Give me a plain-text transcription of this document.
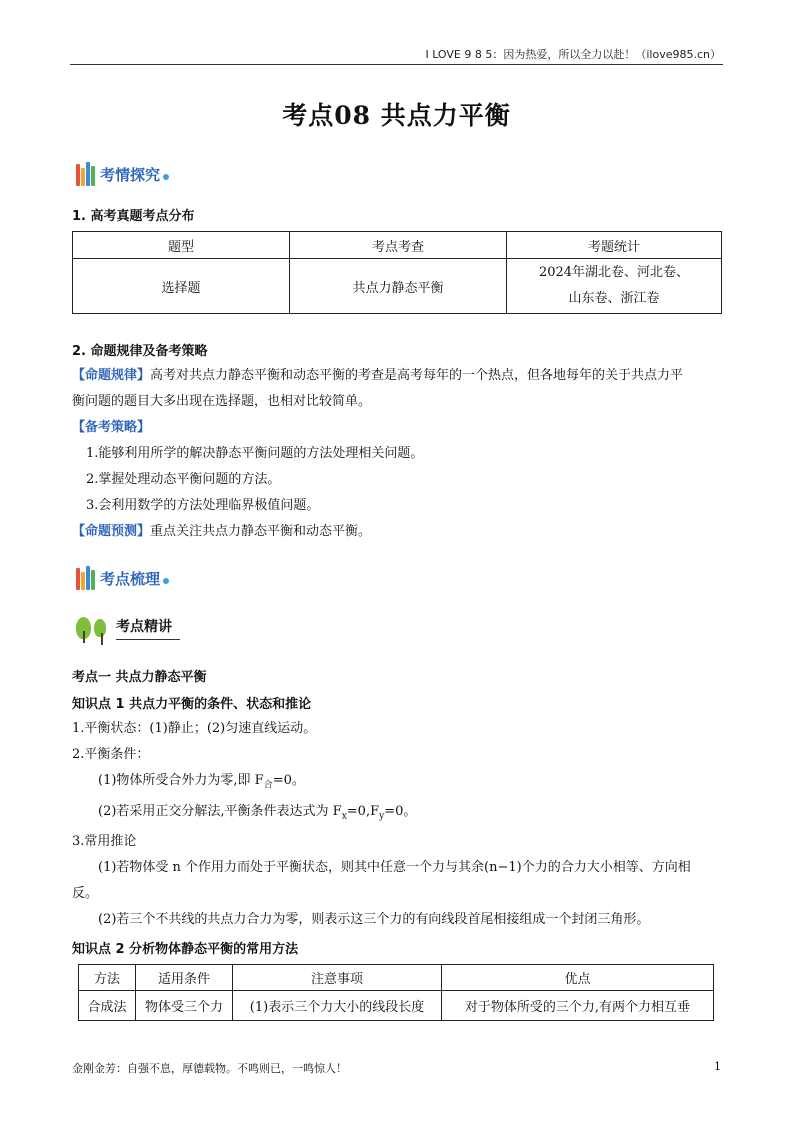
I LOVE 9 8 5：因为热爱，所以全力以赴！（ilove985.cn）
考点08 共点力平衡
考情探究
1. 高考真题考点分布
题型	考点考查	考题统计
选择题	共点力静态平衡	2024年湖北卷、河北卷、
山东卷、浙江卷
2. 命题规律及备考策略
【命题规律】高考对共点力静态平衡和动态平衡的考查是高考每年的一个热点，但各地每年的关于共点力平
衡问题的题目大多出现在选择题，也相对比较简单。
【备考策略】
1.能够利用所学的解决静态平衡问题的方法处理相关问题。
2.掌握处理动态平衡问题的方法。
3.会利用数学的方法处理临界极值问题。
【命题预测】重点关注共点力静态平衡和动态平衡。
考点梳理
考点精讲
考点一 共点力静态平衡
知识点 1 共点力平衡的条件、状态和推论
1.平衡状态：(1)静止；(2)匀速直线运动。
2.平衡条件：
(1)物体所受合外力为零,即 $F_合=0$。
(2)若采用正交分解法,平衡条件表达式为 $F_x=0,F_y=0$。
3.常用推论
(1)若物体受 n 个作用力而处于平衡状态，则其中任意一个力与其余(n−1)个力的合力大小相等、方向相
反。
(2)若三个不共线的共点力合力为零，则表示这三个力的有向线段首尾相接组成一个封闭三角形。
知识点 2 分析物体静态平衡的常用方法
方法	适用条件	注意事项	优点
合成法	物体受三个力	(1)表示三个力大小的线段长度	对于物体所受的三个力,有两个力相互垂
金刚金芳：自强不息，厚德载物。不鸣则已，一鸣惊人！	1
